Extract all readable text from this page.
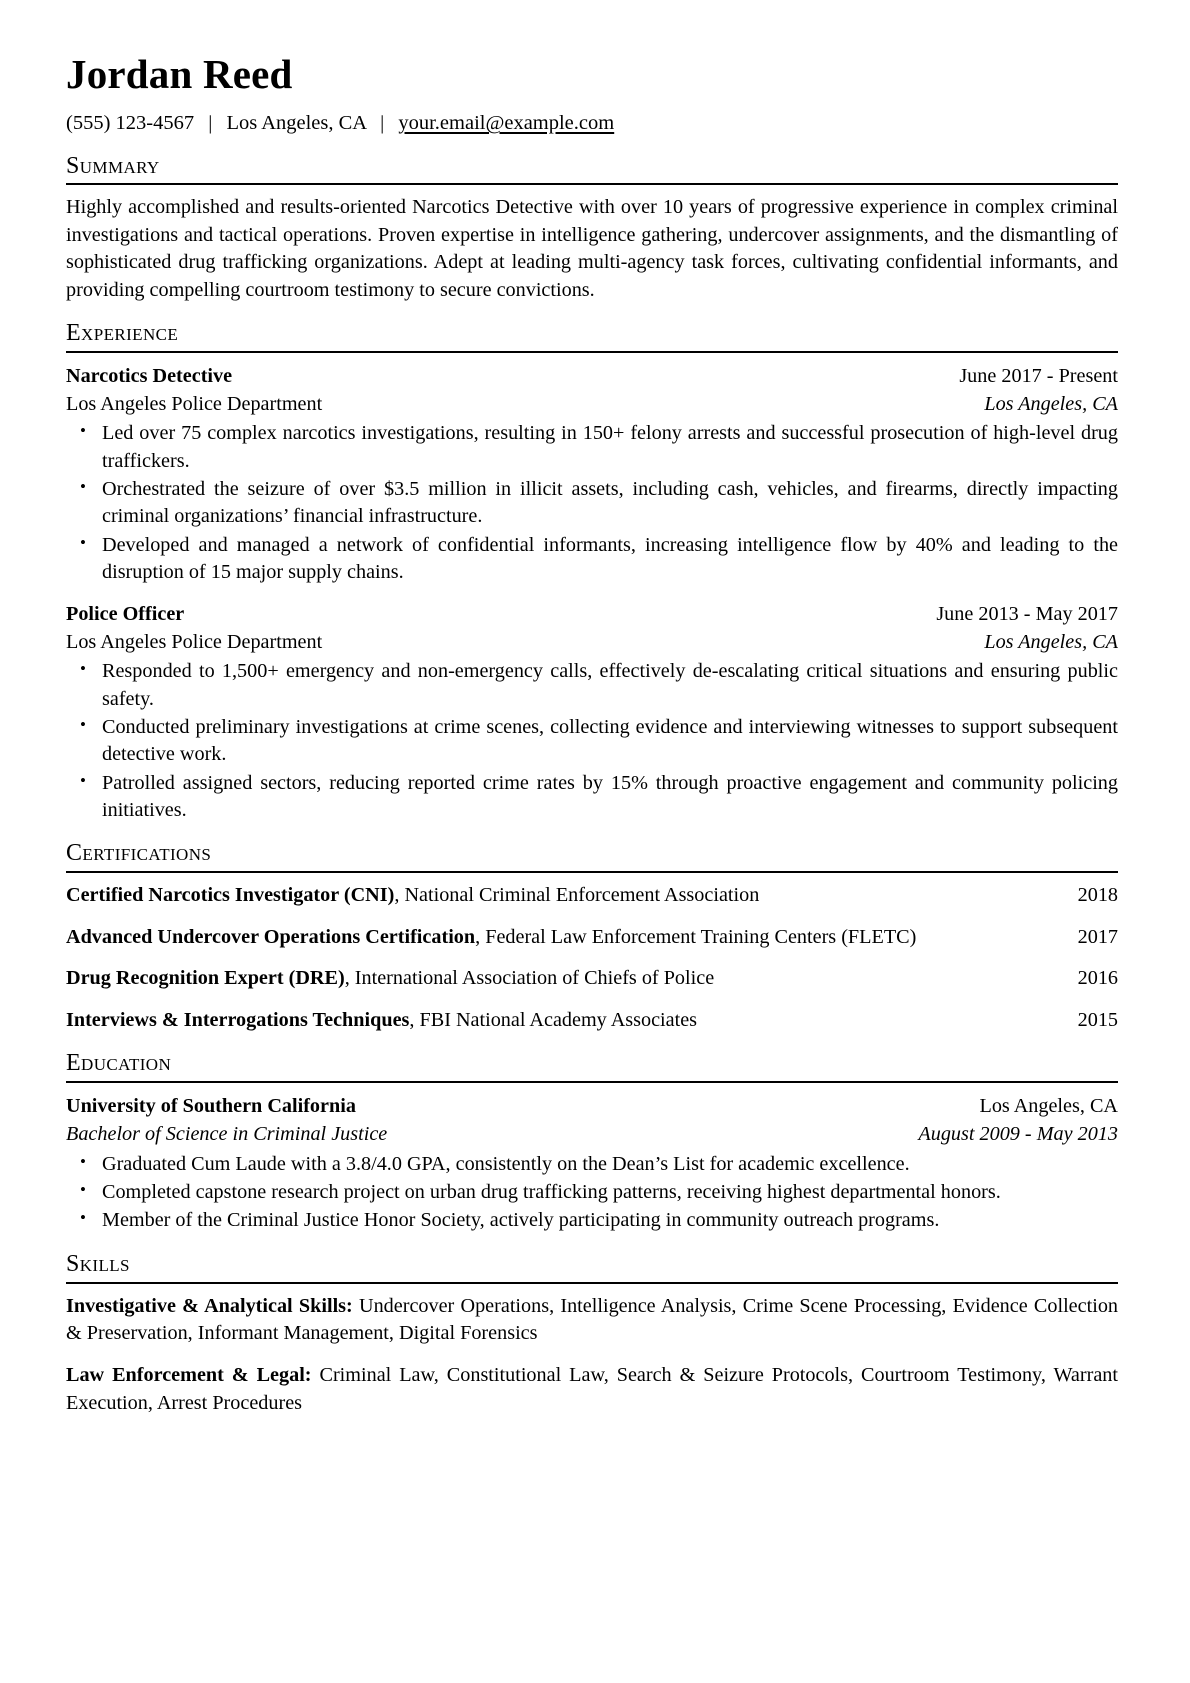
Jordan Reed
(555) 123-4567 | Los Angeles, CA | your.email@example.com
Summary

Highly accomplished and results-oriented Narcotics Detective with over 10 years of progressive experience in complex criminal investigations and tactical operations. Proven expertise in intelligence gathering, undercover assignments, and the dismantling of sophisticated drug trafficking organizations. Adept at leading multi-agency task forces, cultivating confidential informants, and providing compelling courtroom testimony to secure convictions.

Experience
Narcotics Detective	June 2017 - Present
Los Angeles Police Department	Los Angeles, CA
• Led over 75 complex narcotics investigations, resulting in 150+ felony arrests and successful prosecution of high-level drug traffickers.
• Orchestrated the seizure of over $3.5 million in illicit assets, including cash, vehicles, and firearms, directly impacting criminal organizations’ financial infrastructure.
• Developed and managed a network of confidential informants, increasing intelligence flow by 40% and leading to the disruption of 15 major supply chains.
Police Officer	June 2013 - May 2017
Los Angeles Police Department	Los Angeles, CA
• Responded to 1,500+ emergency and non-emergency calls, effectively de-escalating critical situations and ensuring public safety.
• Conducted preliminary investigations at crime scenes, collecting evidence and interviewing witnesses to support subsequent detective work.
• Patrolled assigned sectors, reducing reported crime rates by 15% through proactive engagement and community policing initiatives.
Certifications
Certified Narcotics Investigator (CNI), National Criminal Enforcement Association	2018
Advanced Undercover Operations Certification, Federal Law Enforcement Training Centers (FLETC)	2017
Drug Recognition Expert (DRE), International Association of Chiefs of Police	2016
Interviews & Interrogations Techniques, FBI National Academy Associates	2015
Education
University of Southern California	Los Angeles, CA
Bachelor of Science in Criminal Justice	August 2009 - May 2013
• Graduated Cum Laude with a 3.8/4.0 GPA, consistently on the Dean’s List for academic excellence.
• Completed capstone research project on urban drug trafficking patterns, receiving highest departmental honors.
• Member of the Criminal Justice Honor Society, actively participating in community outreach programs.
Skills
Investigative & Analytical Skills: Undercover Operations, Intelligence Analysis, Crime Scene Processing, Evidence Collection & Preservation, Informant Management, Digital Forensics
Law Enforcement & Legal: Criminal Law, Constitutional Law, Search & Seizure Protocols, Courtroom Testimony, Warrant Execution, Arrest Procedures
